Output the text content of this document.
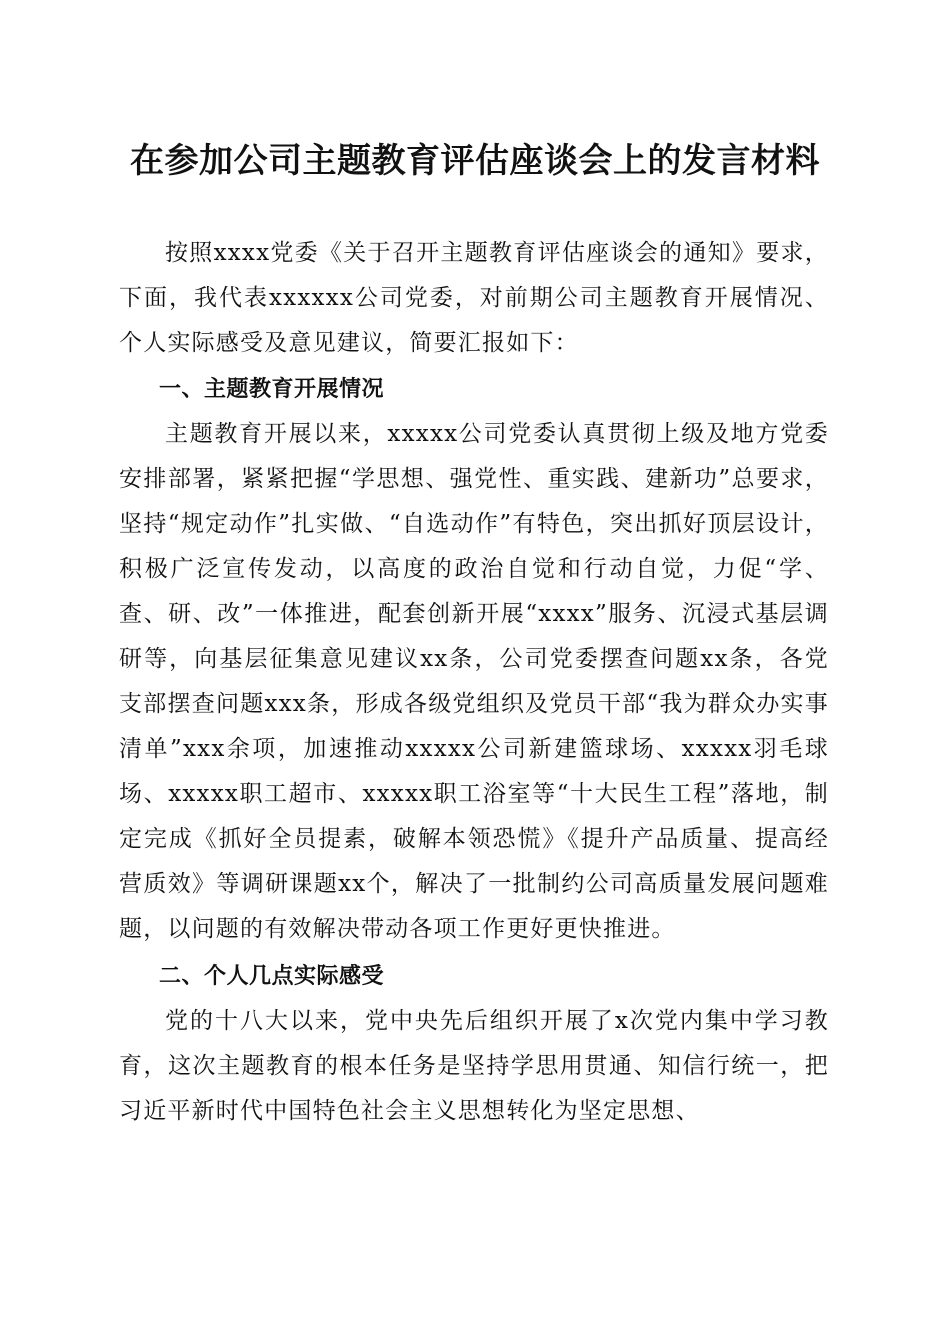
在参加公司主题教育评估座谈会上的发言材料

按照xxxx党委《关于召开主题教育评估座谈会的通知》要求，下面，我代表xxxxxx公司党委，对前期公司主题教育开展情况、个人实际感受及意见建议，简要汇报如下：

一、主题教育开展情况

主题教育开展以来，xxxxx公司党委认真贯彻上级及地方党委安排部署，紧紧把握“学思想、强党性、重实践、建新功”总要求，坚持“规定动作”扎实做、“自选动作”有特色，突出抓好顶层设计，积极广泛宣传发动，以高度的政治自觉和行动自觉，力促“学、查、研、改”一体推进，配套创新开展“xxxx”服务、沉浸式基层调研等，向基层征集意见建议xx条，公司党委摆查问题xx条，各党支部摆查问题xxx条，形成各级党组织及党员干部“我为群众办实事清单”xxx余项，加速推动xxxxx公司新建篮球场、xxxxx羽毛球场、xxxxx职工超市、xxxxx职工浴室等“十大民生工程”落地，制定完成《抓好全员提素，破解本领恐慌》《提升产品质量、提高经营质效》等调研课题xx个，解决了一批制约公司高质量发展问题难题，以问题的有效解决带动各项工作更好更快推进。

二、个人几点实际感受

党的十八大以来，党中央先后组织开展了x次党内集中学习教育，这次主题教育的根本任务是坚持学思用贯通、知信行统一，把习近平新时代中国特色社会主义思想转化为坚定思想、
